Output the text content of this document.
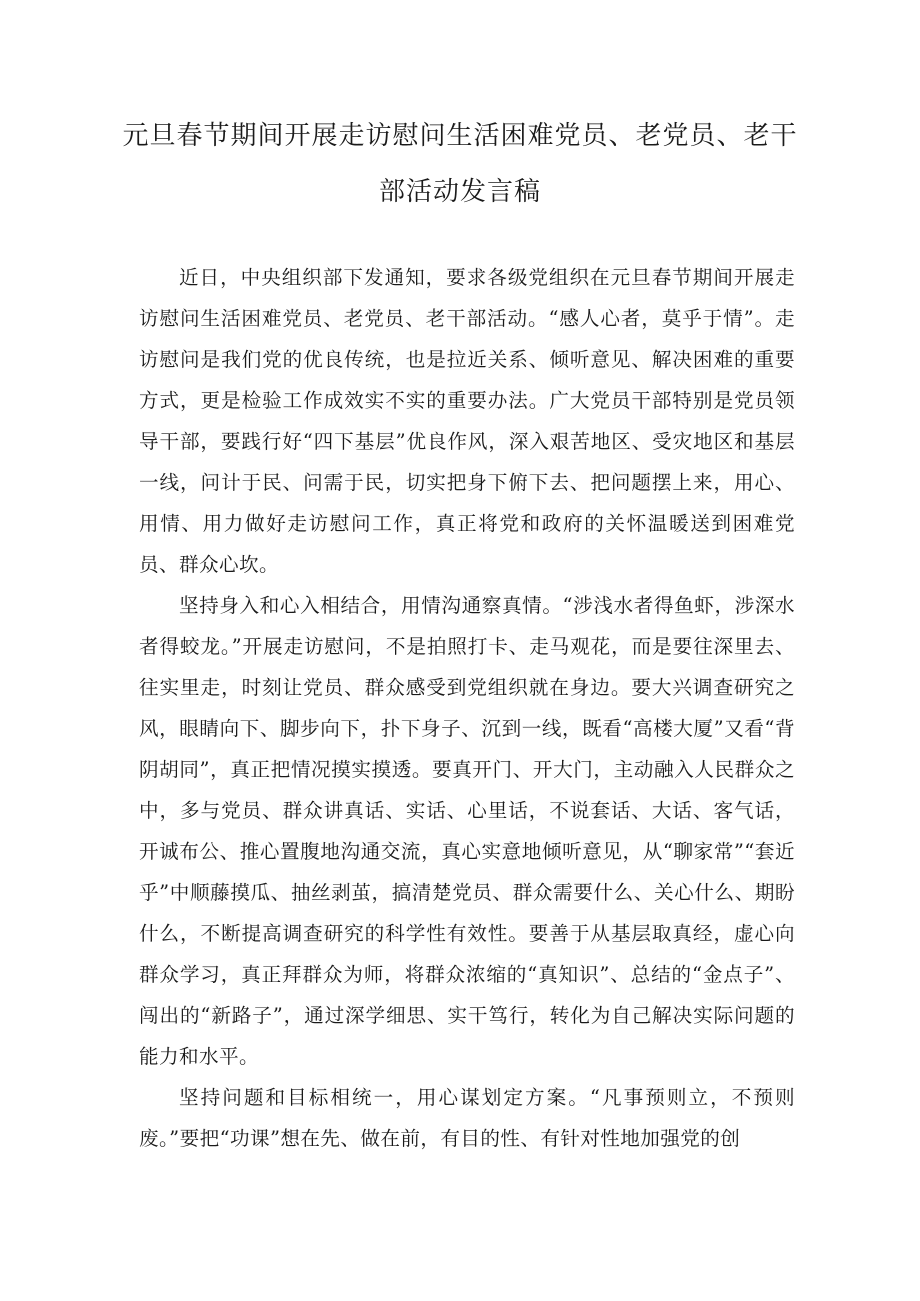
元旦春节期间开展走访慰问生活困难党员、老党员、老干部活动发言稿

近日，中央组织部下发通知，要求各级党组织在元旦春节期间开展走访慰问生活困难党员、老党员、老干部活动。“感人心者，莫乎于情”。走访慰问是我们党的优良传统，也是拉近关系、倾听意见、解决困难的重要方式，更是检验工作成效实不实的重要办法。广大党员干部特别是党员领导干部，要践行好“四下基层”优良作风，深入艰苦地区、受灾地区和基层一线，问计于民、问需于民，切实把身下俯下去、把问题摆上来，用心、用情、用力做好走访慰问工作，真正将党和政府的关怀温暖送到困难党员、群众心坎。

坚持身入和心入相结合，用情沟通察真情。“涉浅水者得鱼虾，涉深水者得蛟龙。”开展走访慰问，不是拍照打卡、走马观花，而是要往深里去、往实里走，时刻让党员、群众感受到党组织就在身边。要大兴调查研究之风，眼睛向下、脚步向下，扑下身子、沉到一线，既看“高楼大厦”又看“背阴胡同”，真正把情况摸实摸透。要真开门、开大门，主动融入人民群众之中，多与党员、群众讲真话、实话、心里话，不说套话、大话、客气话，开诚布公、推心置腹地沟通交流，真心实意地倾听意见，从“聊家常”“套近乎”中顺藤摸瓜、抽丝剥茧，搞清楚党员、群众需要什么、关心什么、期盼什么，不断提高调查研究的科学性有效性。要善于从基层取真经，虚心向群众学习，真正拜群众为师，将群众浓缩的“真知识”、总结的“金点子”、闯出的“新路子”，通过深学细思、实干笃行，转化为自己解决实际问题的能力和水平。

坚持问题和目标相统一，用心谋划定方案。“凡事预则立，不预则废。”要把“功课”想在先、做在前，有目的性、有针对性地加强党的创
